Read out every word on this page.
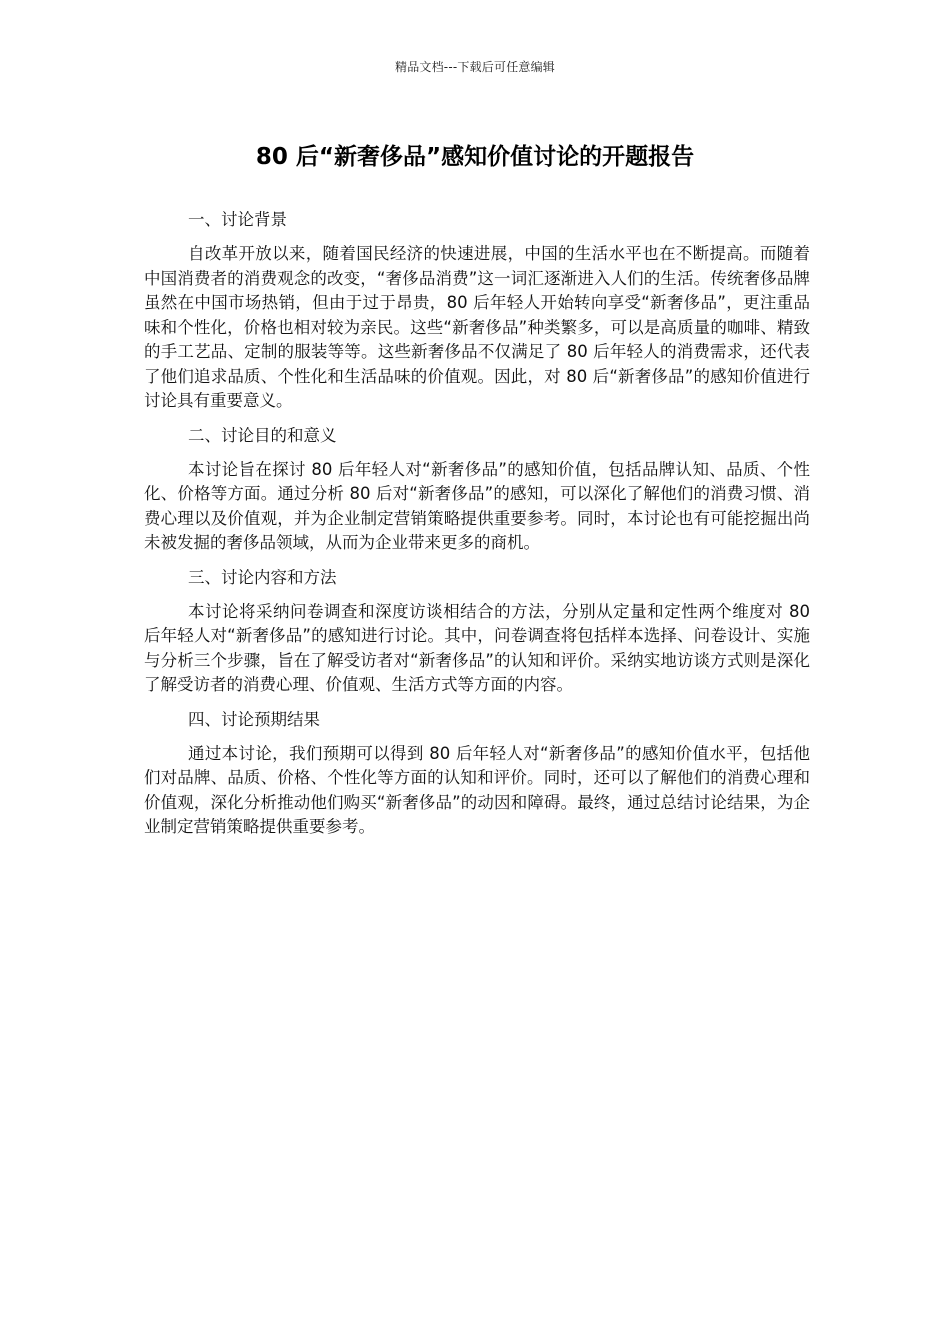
精品文档---下载后可任意编辑
80 后“新奢侈品”感知价值讨论的开题报告

一、讨论背景

自改革开放以来，随着国民经济的快速进展，中国的生活水平也在不断提高。而随着中国消费者的消费观念的改变，“奢侈品消费”这一词汇逐渐进入人们的生活。传统奢侈品牌虽然在中国市场热销，但由于过于昂贵，80 后年轻人开始转向享受“新奢侈品”，更注重品味和个性化，价格也相对较为亲民。这些“新奢侈品”种类繁多，可以是高质量的咖啡、精致的手工艺品、定制的服装等等。这些新奢侈品不仅满足了 80 后年轻人的消费需求，还代表了他们追求品质、个性化和生活品味的价值观。因此，对 80 后“新奢侈品”的感知价值进行讨论具有重要意义。

二、讨论目的和意义

本讨论旨在探讨 80 后年轻人对“新奢侈品”的感知价值，包括品牌认知、品质、个性化、价格等方面。通过分析 80 后对“新奢侈品”的感知，可以深化了解他们的消费习惯、消费心理以及价值观，并为企业制定营销策略提供重要参考。同时，本讨论也有可能挖掘出尚未被发掘的奢侈品领域，从而为企业带来更多的商机。

三、讨论内容和方法

本讨论将采纳问卷调查和深度访谈相结合的方法，分别从定量和定性两个维度对 80 后年轻人对“新奢侈品”的感知进行讨论。其中，问卷调查将包括样本选择、问卷设计、实施与分析三个步骤，旨在了解受访者对“新奢侈品”的认知和评价。采纳实地访谈方式则是深化了解受访者的消费心理、价值观、生活方式等方面的内容。

四、讨论预期结果

通过本讨论，我们预期可以得到 80 后年轻人对“新奢侈品”的感知价值水平，包括他们对品牌、品质、价格、个性化等方面的认知和评价。同时，还可以了解他们的消费心理和价值观，深化分析推动他们购买“新奢侈品”的动因和障碍。最终，通过总结讨论结果，为企业制定营销策略提供重要参考。
